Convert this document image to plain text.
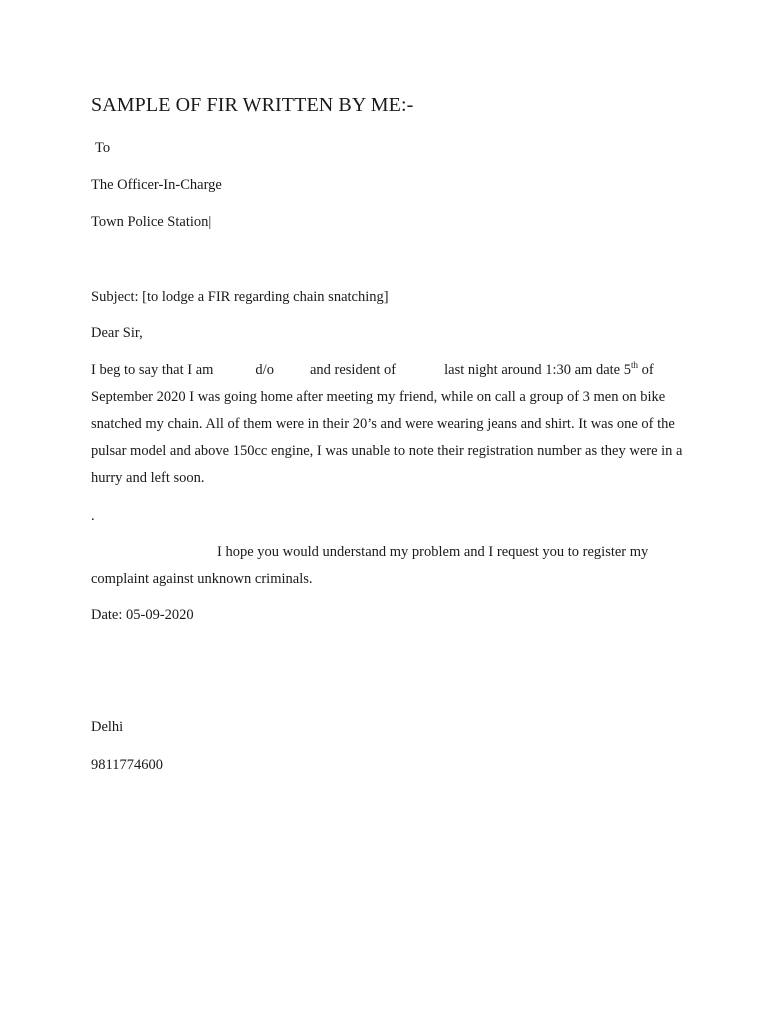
SAMPLE OF FIR WRITTEN BY ME:-
To
The Officer-In-Charge
Town Police Station|
Subject: [to lodge a FIR regarding chain snatching]
Dear Sir,
I beg to say that I am	d/o and resident of	last night around 1:30 am date 5th of September 2020 I was going home after meeting my friend, while on call a group of 3 men on bike snatched my chain. All of them were in their 20’s and were wearing jeans and shirt. It was one of the pulsar model and above 150cc engine, I was unable to note their registration number as they were in a hurry and left soon.
.
I hope you would understand my problem and I request you to register my complaint against unknown criminals.
Date: 05-09-2020
Delhi
9811774600
